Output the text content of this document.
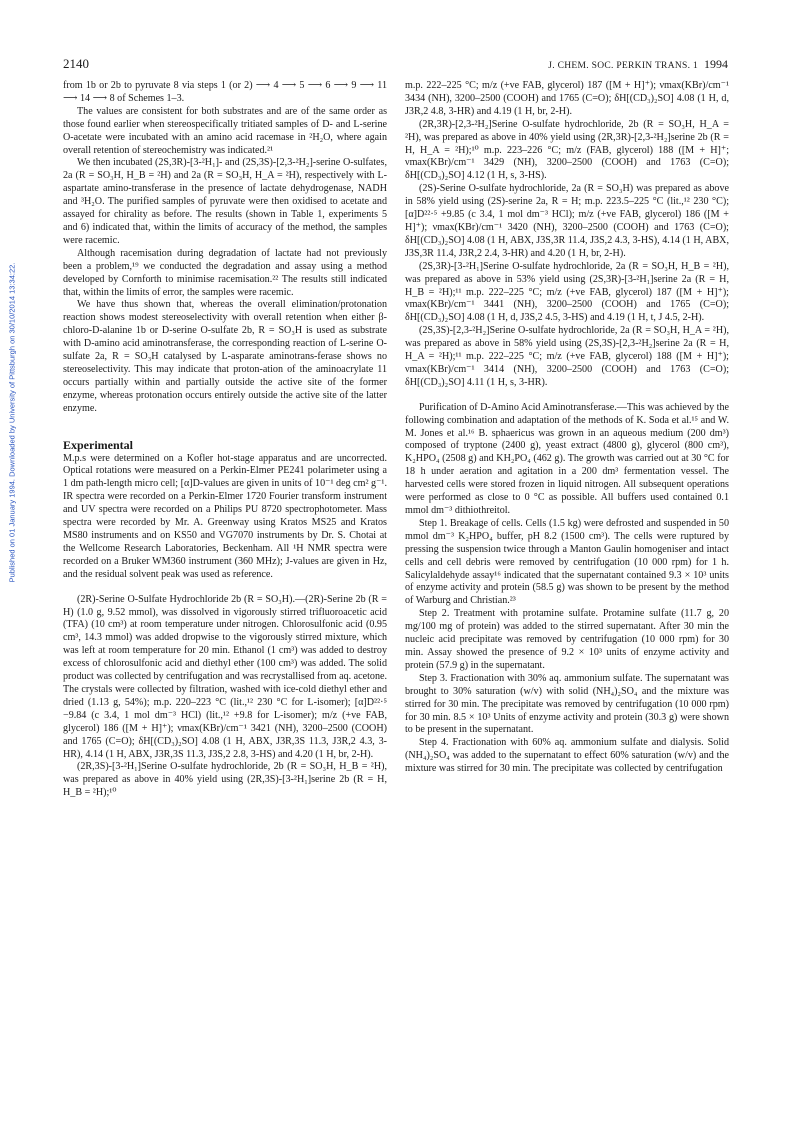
Published on 01 January 1994. Downloaded by University of Pittsburgh on 30/10/2014 13:34:22.
2140	J. CHEM. SOC. PERKIN TRANS. 1 1994

from 1b or 2b to pyruvate 8 via steps 1 (or 2) ⟶ 4 ⟶ 5 ⟶ 6 ⟶ 9 ⟶ 11 ⟶ 14 ⟶ 8 of Schemes 1–3.

The values are consistent for both substrates and are of the same order as those found earlier when stereospecifically tritiated samples of D- and L-serine O-acetate were incubated with an amino acid racemase in ²H₂O, where again overall retention of stereochemistry was indicated.²¹

We then incubated (2S,3R)-[3-²H₁]- and (2S,3S)-[2,3-²H₂]-serine O-sulfates, 2a (R = SO₃H, H_B = ²H) and 2a (R = SO₃H, H_A = ²H), respectively with L-aspartate amino-transferase in the presence of lactate dehydrogenase, NADH and ³H₂O. The purified samples of pyruvate were then oxidised to acetate and assayed for chirality as before. The results (shown in Table 1, experiments 5 and 6) indicated that, within the limits of accuracy of the method, the samples were racemic.

Although racemisation during degradation of lactate had not previously been a problem,¹⁹ we conducted the degradation and assay using a method developed by Cornforth to minimise racemisation.²² The results still indicated that, within the limits of error, the samples were racemic.

We have thus shown that, whereas the overall elimination/protonation reaction shows modest stereoselectivity with overall retention when either β-chloro-D-alanine 1b or D-serine O-sulfate 2b, R = SO₃H is used as substrate with D-amino acid aminotransferase, the corresponding reaction of L-serine O-sulfate 2a, R = SO₃H catalysed by L-asparate aminotrans-ferase shows no stereoselectivity. This may indicate that proton-ation of the aminoacrylate 11 occurs partially within and partially outside the active site of the former enzyme, whereas protonation occurs entirely outside the active site of the latter enzyme.

Experimental

M.p.s were determined on a Kofler hot-stage apparatus and are uncorrected. Optical rotations were measured on a Perkin-Elmer PE241 polarimeter using a 1 dm path-length micro cell; [α]D-values are given in units of 10⁻¹ deg cm² g⁻¹. IR spectra were recorded on a Perkin-Elmer 1720 Fourier transform instrument and UV spectra were recorded on a Philips PU 8720 spectrophotometer. Mass spectra were recorded by Mr. A. Greenway using Kratos MS25 and Kratos MS80 instruments and on KS50 and VG7070 instruments by Dr. S. Chotai at the Wellcome Research Laboratories, Beckenham. All ¹H NMR spectra were recorded on a Bruker WM360 instrument (360 MHz); J-values are given in Hz, and the residual solvent peak was used as reference.

(2R)-Serine O-Sulfate Hydrochloride 2b (R = SO₃H).—(2R)-Serine 2b (R = H) (1.0 g, 9.52 mmol), was dissolved in vigorously stirred trifluoroacetic acid (TFA) (10 cm³) at room temperature under nitrogen. Chlorosulfonic acid (0.95 cm³, 14.3 mmol) was added dropwise to the vigorously stirred mixture, which was left at room temperature for 20 min. Ethanol (1 cm³) was added to destroy excess of chlorosulfonic acid and diethyl ether (100 cm³) was added. The solid product was collected by centrifugation and was recrystallised from aq. acetone. The crystals were collected by filtration, washed with ice-cold diethyl ether and dried (1.13 g, 54%); m.p. 220–223 °C (lit.,¹² 230 °C for L-isomer); [α]D²²·⁵ −9.84 (c 3.4, 1 mol dm⁻³ HCl) (lit.,¹² +9.8 for L-isomer); m/z (+ve FAB, glycerol) 186 ([M + H]⁺); νmax(KBr)/cm⁻¹ 3421 (NH), 3200–2500 (COOH) and 1765 (C=O); δH[(CD₃)₂SO] 4.08 (1 H, ABX, J3R,3S 11.3, J3R,2 4.3, 3-HR), 4.14 (1 H, ABX, J3R,3S 11.3, J3S,2 2.8, 3-HS) and 4.20 (1 H, br, 2-H).

(2R,3S)-[3-²H₁]Serine O-sulfate hydrochloride, 2b (R = SO₃H, H_B = ²H), was prepared as above in 40% yield using (2R,3S)-[3-²H₁]serine 2b (R = H, H_B = ²H);¹⁰

m.p. 222–225 °C; m/z (+ve FAB, glycerol) 187 ([M + H]⁺); νmax(KBr)/cm⁻¹ 3434 (NH), 3200–2500 (COOH) and 1765 (C=O); δH[(CD₃)₂SO] 4.08 (1 H, d, J3R,2 4.8, 3-HR) and 4.19 (1 H, br, 2-H).

(2R,3R)-[2,3-²H₂]Serine O-sulfate hydrochloride, 2b (R = SO₃H, H_A = ²H), was prepared as above in 40% yield using (2R,3R)-[2,3-²H₂]serine 2b (R = H, H_A = ²H);¹⁰ m.p. 223–226 °C; m/z (FAB, glycerol) 188 ([M + H]⁺; νmax(KBr)/cm⁻¹ 3429 (NH), 3200–2500 (COOH) and 1763 (C=O); δH[(CD₃)₂SO] 4.12 (1 H, s, 3-HS).

(2S)-Serine O-sulfate hydrochloride, 2a (R = SO₃H) was prepared as above in 58% yield using (2S)-serine 2a, R = H; m.p. 223.5–225 °C (lit.,¹² 230 °C); [α]D²²·⁵ +9.85 (c 3.4, 1 mol dm⁻³ HCl); m/z (+ve FAB, glycerol) 186 ([M + H]⁺); νmax(KBr)/cm⁻¹ 3420 (NH), 3200–2500 (COOH) and 1763 (C=O); δH[(CD₃)₂SO] 4.08 (1 H, ABX, J3S,3R 11.4, J3S,2 4.3, 3-HS), 4.14 (1 H, ABX, J3S,3R 11.4, J3R,2 2.4, 3-HR) and 4.20 (1 H, br, 2-H).

(2S,3R)-[3-²H₁]Serine O-sulfate hydrochloride, 2a (R = SO₃H, H_B = ²H), was prepared as above in 53% yield using (2S,3R)-[3-²H₁]serine 2a (R = H, H_B = ²H);¹¹ m.p. 222–225 °C; m/z (+ve FAB, glycerol) 187 ([M + H]⁺); νmax(KBr)/cm⁻¹ 3441 (NH), 3200–2500 (COOH) and 1765 (C=O); δH[(CD₃)₂SO] 4.08 (1 H, d, J3S,2 4.5, 3-HS) and 4.19 (1 H, t, J 4.5, 2-H).

(2S,3S)-[2,3-²H₂]Serine O-sulfate hydrochloride, 2a (R = SO₃H, H_A = ²H), was prepared as above in 58% yield using (2S,3S)-[2,3-²H₂]serine 2a (R = H, H_A = ²H);¹¹ m.p. 222–225 °C; m/z (+ve FAB, glycerol) 188 ([M + H]⁺); νmax(KBr)/cm⁻¹ 3414 (NH), 3200–2500 (COOH) and 1763 (C=O); δH[(CD₃)₂SO] 4.11 (1 H, s, 3-HR).

Purification of D-Amino Acid Aminotransferase.—This was achieved by the following combination and adaptation of the methods of K. Soda et al.¹⁵ and W. M. Jones et al.¹⁶ B. sphaericus was grown in an aqueous medium (200 dm³) composed of tryptone (2400 g), yeast extract (4800 g), glycerol (800 cm³), K₂HPO₄ (2508 g) and KH₂PO₄ (462 g). The growth was carried out at 30 °C for 18 h under aeration and agitation in a 200 dm³ fermentation vessel. The harvested cells were stored frozen in liquid nitrogen. All subsequent operations were performed as close to 0 °C as possible. All buffers used contained 0.1 mmol dm⁻³ dithiothreitol.

Step 1. Breakage of cells. Cells (1.5 kg) were defrosted and suspended in 50 mmol dm⁻³ K₂HPO₄ buffer, pH 8.2 (1500 cm³). The cells were ruptured by pressing the suspension twice through a Manton Gaulin homogeniser and intact cells and cell debris were removed by centrifugation (10 000 rpm) for 1 h. Salicylaldehyde assay¹⁶ indicated that the supernatant contained 9.3 × 10³ units of enzyme activity and protein (58.5 g) was shown to be present by the method of Warburg and Christian.²³

Step 2. Treatment with protamine sulfate. Protamine sulfate (11.7 g, 20 mg/100 mg of protein) was added to the stirred supernatant. After 30 min the nucleic acid precipitate was removed by centrifugation (10 000 rpm) for 30 min. Assay showed the presence of 9.2 × 10³ units of enzyme activity and protein (57.9 g) in the supernatant.

Step 3. Fractionation with 30% aq. ammonium sulfate. The supernatant was brought to 30% saturation (w/v) with solid (NH₄)₂SO₄ and the mixture was stirred for 30 min. The precipitate was removed by centrifugation (10 000 rpm) for 30 min. 8.5 × 10³ Units of enzyme activity and protein (30.3 g) were shown to be present in the supernatant.

Step 4. Fractionation with 60% aq. ammonium sulfate and dialysis. Solid (NH₄)₂SO₄ was added to the supernatant to effect 60% saturation (w/v) and the mixture was stirred for 30 min. The precipitate was collected by centrifugation
